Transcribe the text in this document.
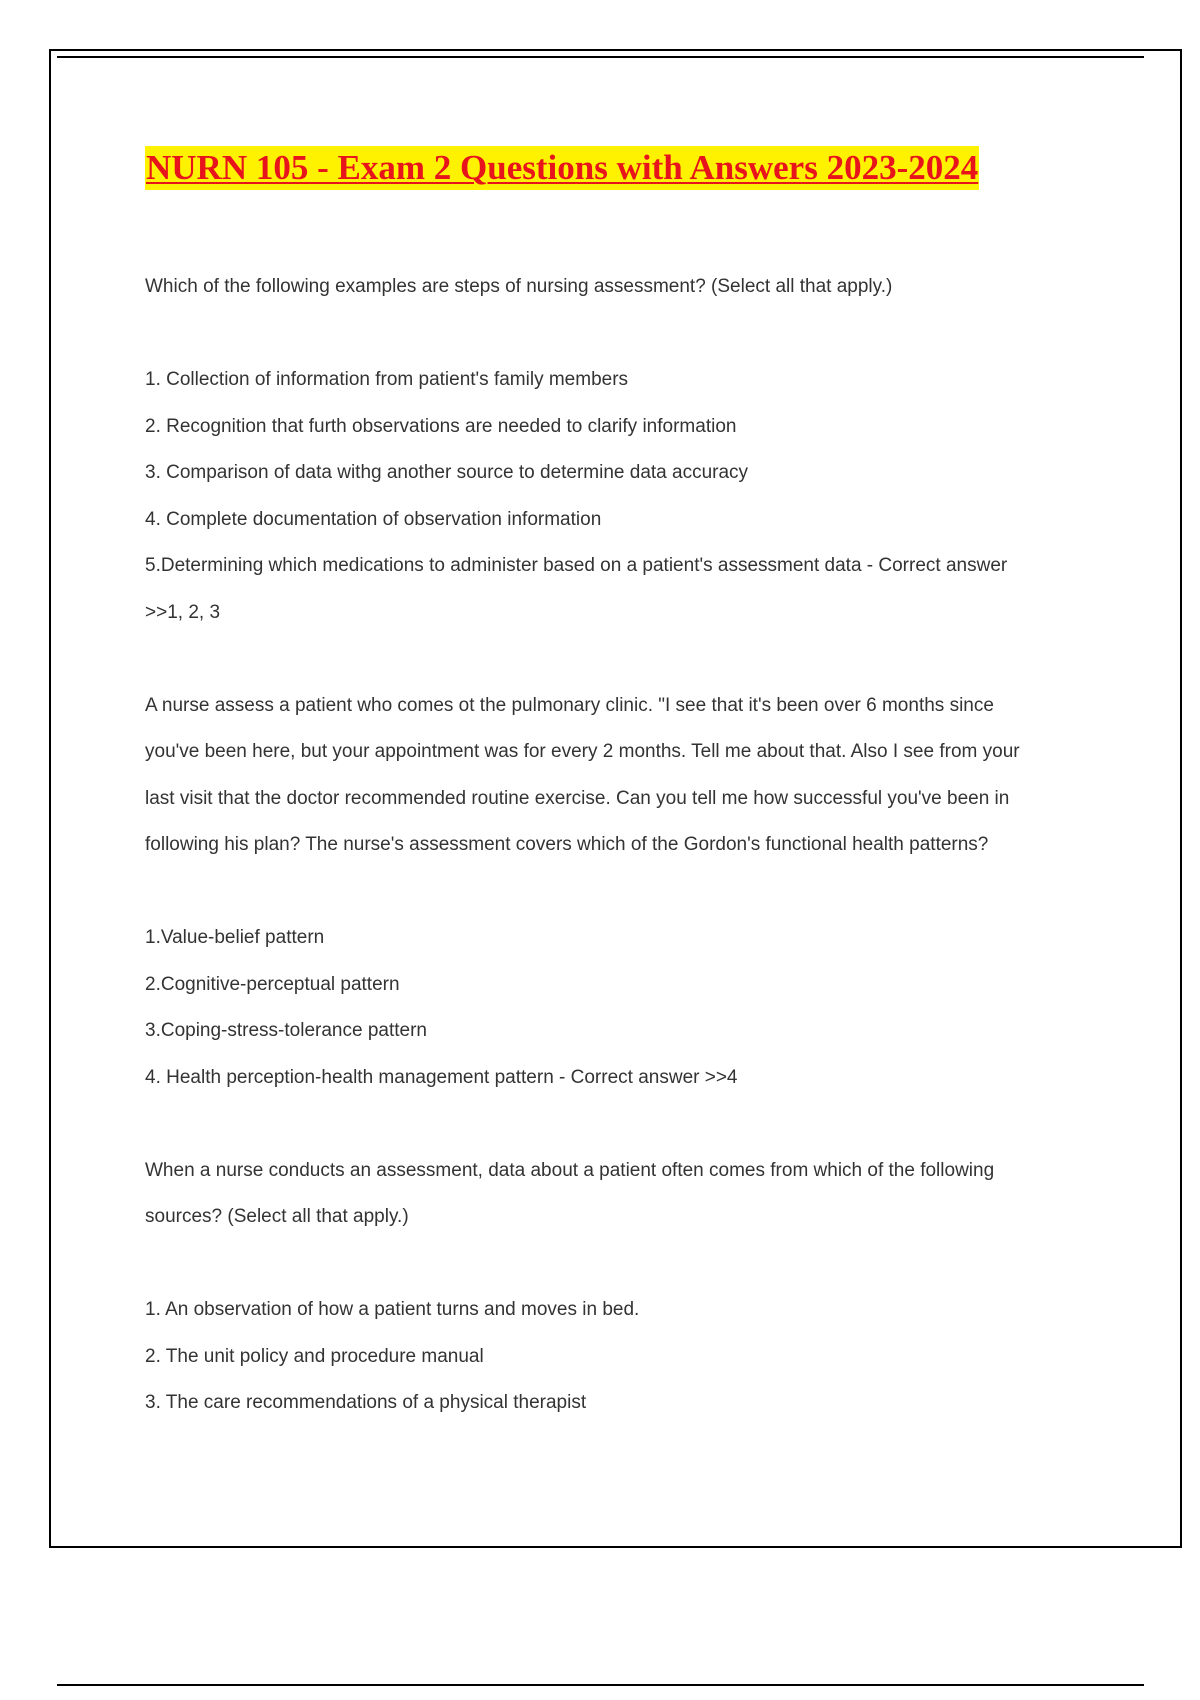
NURN 105 - Exam 2 Questions with Answers 2023-2024

Which of the following examples are steps of nursing assessment? (Select all that apply.)

1. Collection of information from patient's family members

2. Recognition that furth observations are needed to clarify information

3. Comparison of data withg another source to determine data accuracy

4. Complete documentation of observation information

5.Determining which medications to administer based on a patient's assessment data - Correct answer

>>1, 2, 3

A nurse assess a patient who comes ot the pulmonary clinic. "I see that it's been over 6 months since

you've been here, but your appointment was for every 2 months. Tell me about that. Also I see from your

last visit that the doctor recommended routine exercise. Can you tell me how successful you've been in

following his plan? The nurse's assessment covers which of the Gordon's functional health patterns?

1.Value-belief pattern

2.Cognitive-perceptual pattern

3.Coping-stress-tolerance pattern

4. Health perception-health management pattern - Correct answer >>4

When a nurse conducts an assessment, data about a patient often comes from which of the following

sources? (Select all that apply.)

1. An observation of how a patient turns and moves in bed.

2. The unit policy and procedure manual

3. The care recommendations of a physical therapist
